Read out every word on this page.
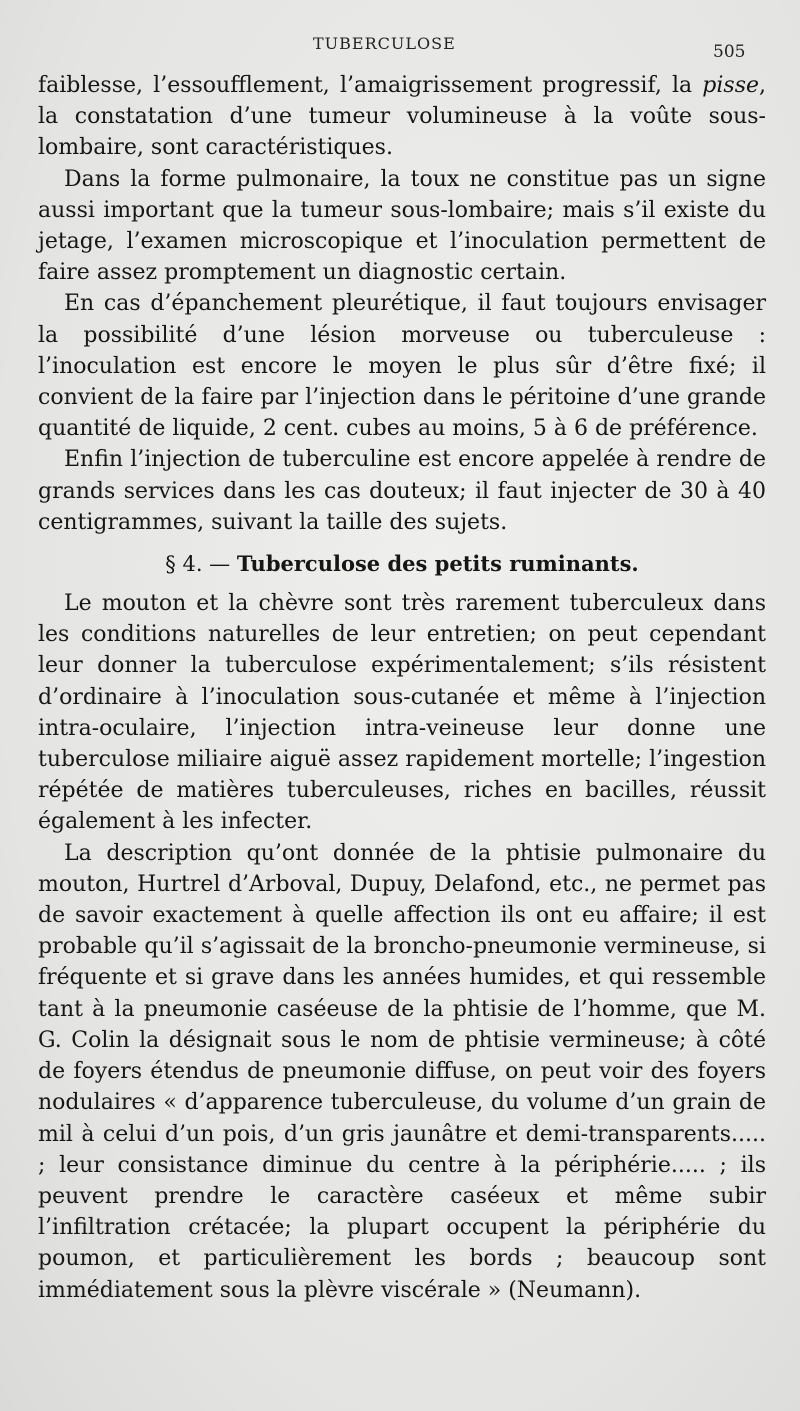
TUBERCULOSE	505

faiblesse, l’essoufflement, l’amaigrissement progressif, la pisse, la constatation d’une tumeur volumineuse à la voûte sous-lombaire, sont caractéristiques.

Dans la forme pulmonaire, la toux ne constitue pas un signe aussi important que la tumeur sous-lombaire; mais s’il existe du jetage, l’examen microscopique et l’inoculation permettent de faire assez promptement un diagnostic certain.

En cas d’épanchement pleurétique, il faut toujours envisager la possibilité d’une lésion morveuse ou tuberculeuse : l’inoculation est encore le moyen le plus sûr d’être fixé; il convient de la faire par l’injection dans le péritoine d’une grande quantité de liquide, 2 cent. cubes au moins, 5 à 6 de préférence.

Enfin l’injection de tuberculine est encore appelée à rendre de grands services dans les cas douteux; il faut injecter de 30 à 40 centigrammes, suivant la taille des sujets.

§ 4. — Tuberculose des petits ruminants.

Le mouton et la chèvre sont très rarement tuberculeux dans les conditions naturelles de leur entretien; on peut cependant leur donner la tuberculose expérimentalement; s’ils résistent d’ordinaire à l’inoculation sous-cutanée et même à l’injection intra-oculaire, l’injection intra-veineuse leur donne une tuberculose miliaire aiguë assez rapidement mortelle; l’ingestion répétée de matières tuberculeuses, riches en bacilles, réussit également à les infecter.

La description qu’ont donnée de la phtisie pulmonaire du mouton, Hurtrel d’Arboval, Dupuy, Delafond, etc., ne permet pas de savoir exactement à quelle affection ils ont eu affaire; il est probable qu’il s’agissait de la broncho-pneumonie vermineuse, si fréquente et si grave dans les années humides, et qui ressemble tant à la pneumonie caséeuse de la phtisie de l’homme, que M. G. Colin la désignait sous le nom de phtisie vermineuse; à côté de foyers étendus de pneumonie diffuse, on peut voir des foyers nodulaires « d’apparence tuberculeuse, du volume d’un grain de mil à celui d’un pois, d’un gris jaunâtre et demi-transparents..... ; leur consistance diminue du centre à la périphérie..... ; ils peuvent prendre le caractère caséeux et même subir l’infiltration crétacée; la plupart occupent la périphérie du poumon, et particulièrement les bords ; beaucoup sont immédiatement sous la plèvre viscérale » (Neumann).
